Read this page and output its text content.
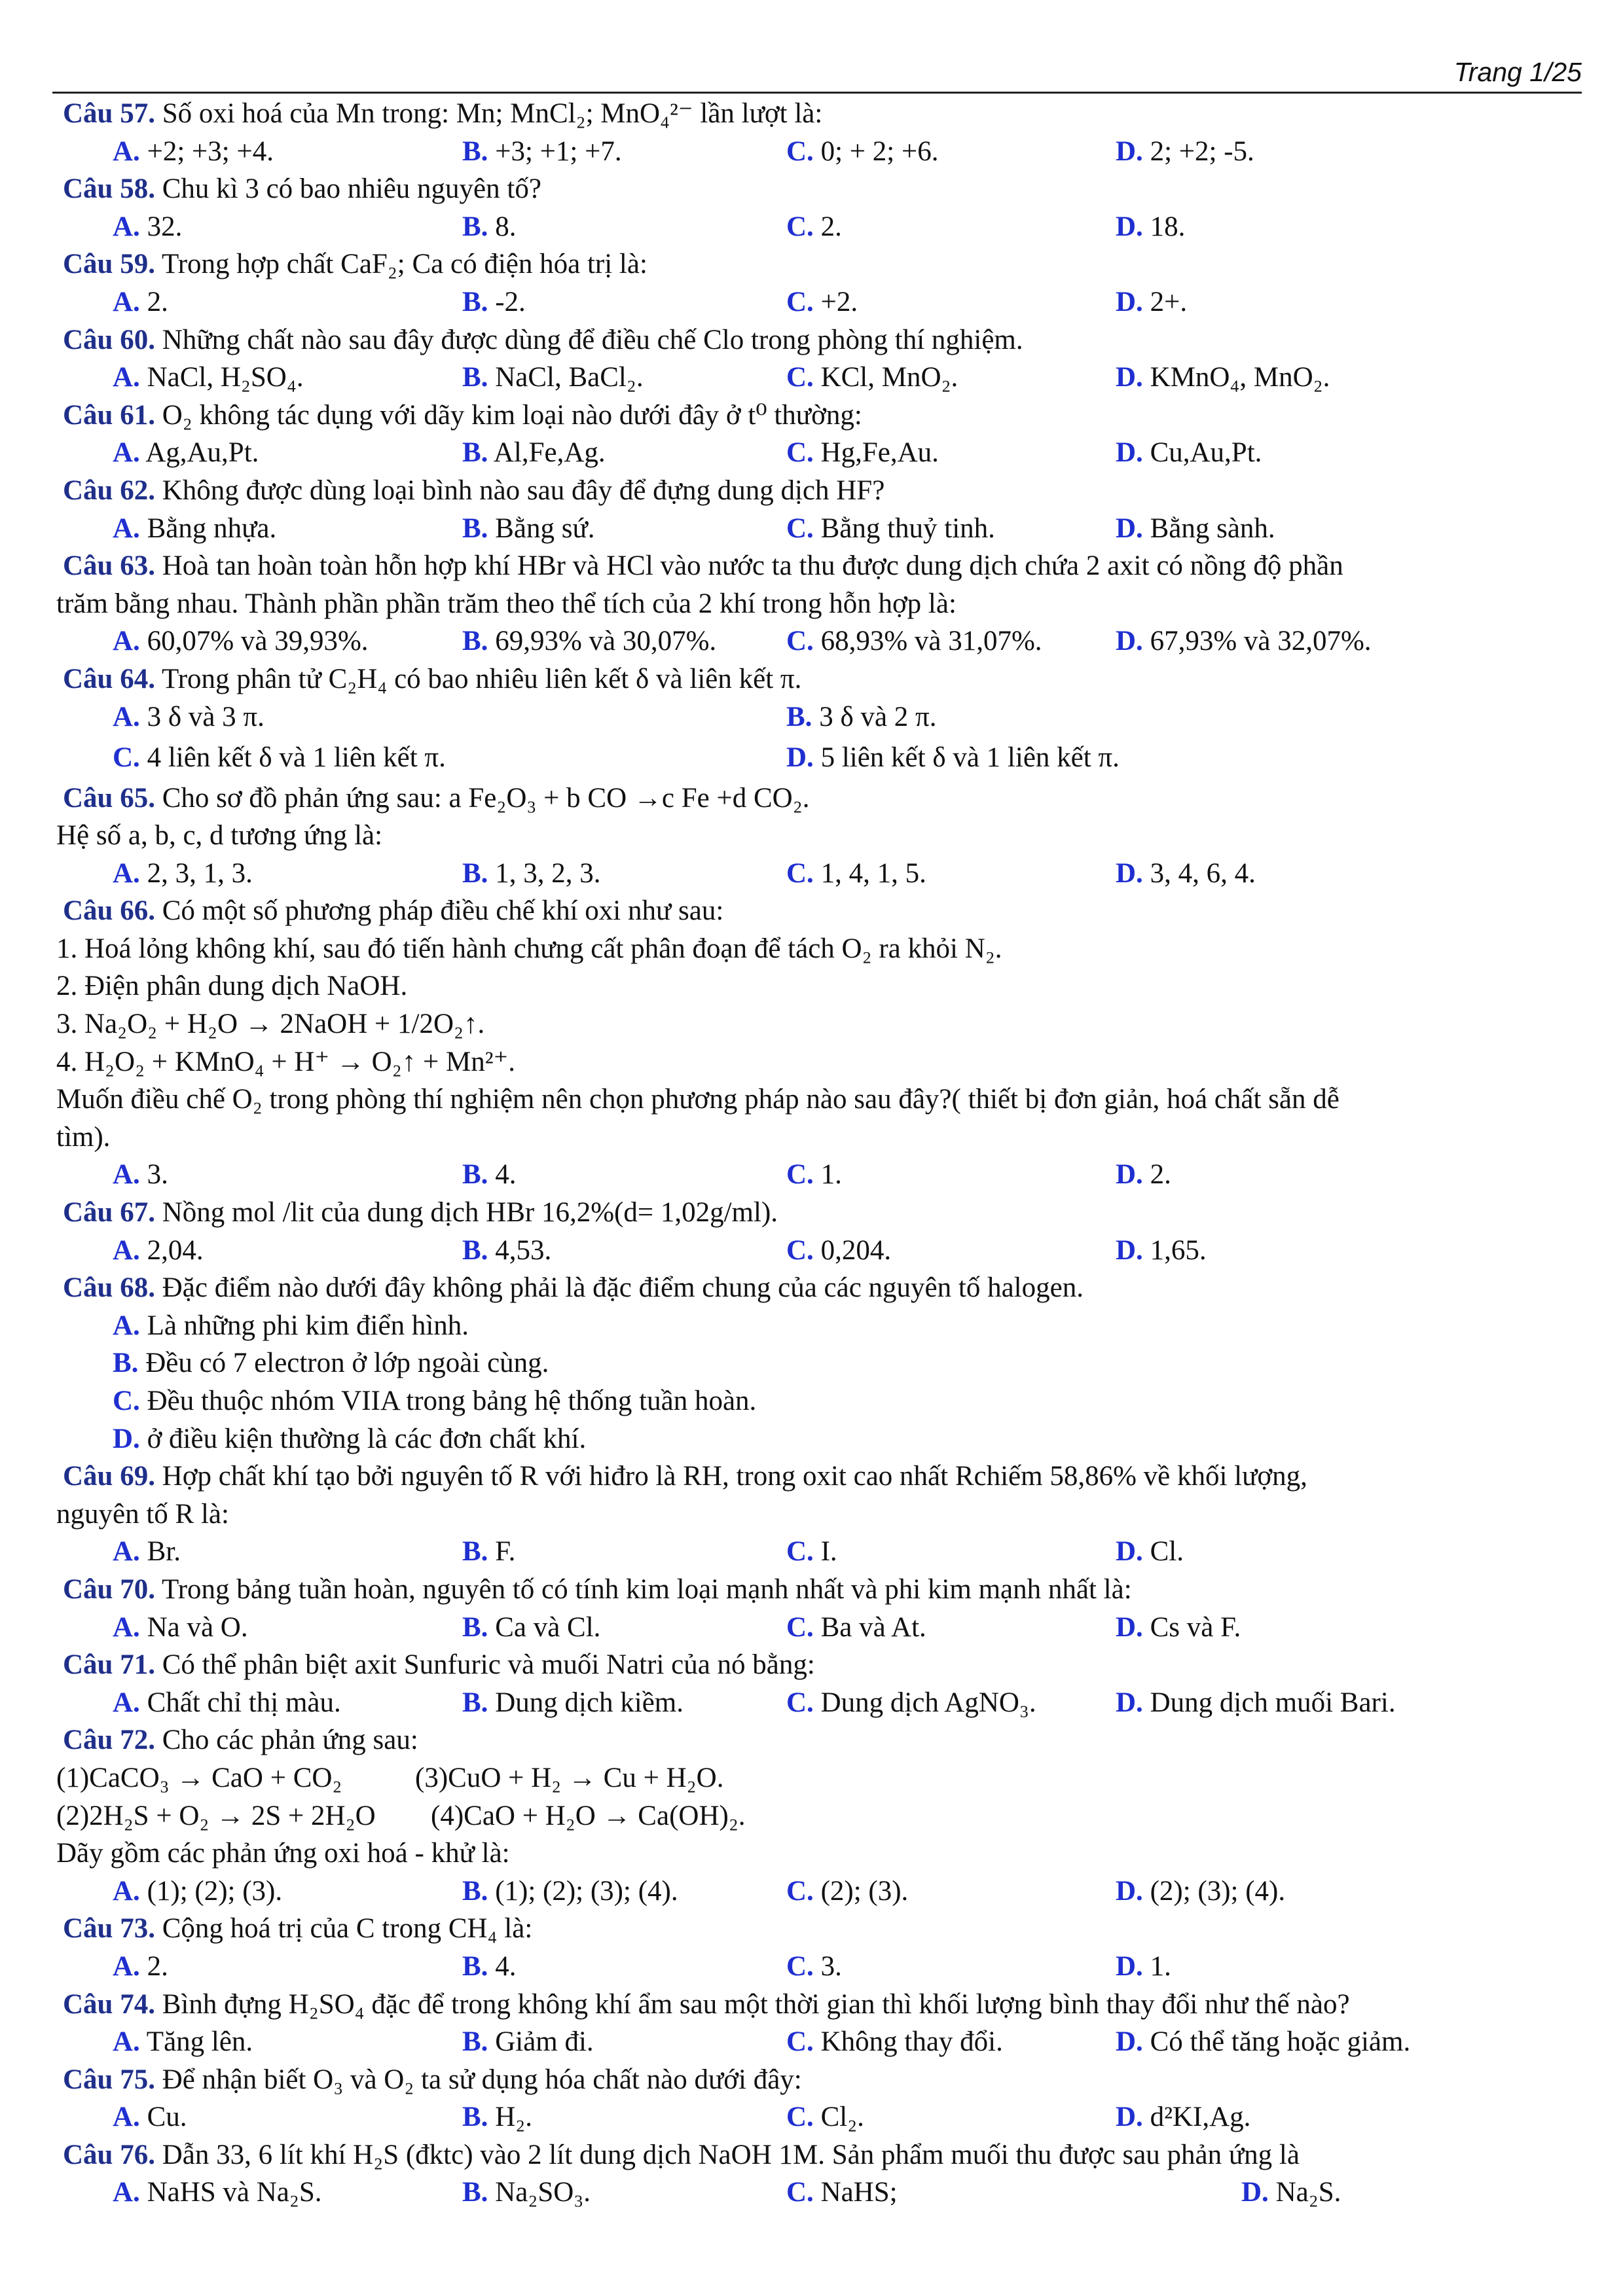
Trang 1/25
Câu 57. Số oxi hoá của Mn trong: Mn; MnCl₂; MnO₄²⁻ lần lượt là:
A. +2; +3; +4.	B. +3; +1; +7.	C. 0; + 2; +6.	D. 2; +2; -5.
Câu 58. Chu kì 3 có bao nhiêu nguyên tố?
A. 32.	B. 8.	C. 2.	D. 18.
Câu 59. Trong hợp chất CaF₂; Ca có điện hóa trị là:
A. 2.	B. -2.	C. +2.	D. 2+.
Câu 60. Những chất nào sau đây được dùng để điều chế Clo trong phòng thí nghiệm.
A. NaCl, H₂SO₄.	B. NaCl, BaCl₂.	C. KCl, MnO₂.	D. KMnO₄, MnO₂.
Câu 61. O₂ không tác dụng với dãy kim loại nào dưới đây ở t⁰ thường:
A. Ag,Au,Pt.	B. Al,Fe,Ag.	C. Hg,Fe,Au.	D. Cu,Au,Pt.
Câu 62. Không được dùng loại bình nào sau đây để đựng dung dịch HF?
A. Bằng nhựa.	B. Bằng sứ.	C. Bằng thuỷ tinh.	D. Bằng sành.
Câu 63. Hoà tan hoàn toàn hỗn hợp khí HBr và HCl vào nước ta thu được dung dịch chứa 2 axit có nồng độ phần
trăm bằng nhau. Thành phần phần trăm theo thể tích của 2 khí trong hỗn hợp là:
A. 60,07% và 39,93%.	B. 69,93% và 30,07%. C. 68,93% và 31,07%.	D. 67,93% và 32,07%.
Câu 64. Trong phân tử C₂H₄ có bao nhiêu liên kết δ và liên kết π.
A. 3 δ và 3 π.	B. 3 δ và 2 π.
C. 4 liên kết δ và 1 liên kết π.	D. 5 liên kết δ và 1 liên kết π.
Câu 65. Cho sơ đồ phản ứng sau: a Fe₂O₃ + b CO →c Fe +d CO₂.
Hệ số a, b, c, d tương ứng là:
A. 2, 3, 1, 3.	B. 1, 3, 2, 3.	C. 1, 4, 1, 5.	D. 3, 4, 6, 4.
Câu 66. Có một số phương pháp điều chế khí oxi như sau:
1. Hoá lỏng không khí, sau đó tiến hành chưng cất phân đoạn để tách O₂ ra khỏi N₂.
2. Điện phân dung dịch NaOH.
3. Na₂O₂ + H₂O → 2NaOH + 1/2O₂↑.
4. H₂O₂ + KMnO₄ + H⁺ → O₂↑ + Mn²⁺.
Muốn điều chế O₂ trong phòng thí nghiệm nên chọn phương pháp nào sau đây?( thiết bị đơn giản, hoá chất sẵn dễ
tìm).
A. 3.	B. 4.	C. 1.	D. 2.
Câu 67. Nồng mol /lit của dung dịch HBr 16,2%(d= 1,02g/ml).
A. 2,04.	B. 4,53.	C. 0,204.	D. 1,65.
Câu 68. Đặc điểm nào dưới đây không phải là đặc điểm chung của các nguyên tố halogen.
A. Là những phi kim điển hình.
B. Đều có 7 electron ở lớp ngoài cùng.
C. Đều thuộc nhóm VIIA trong bảng hệ thống tuần hoàn.
D. ở điều kiện thường là các đơn chất khí.
Câu 69. Hợp chất khí tạo bởi nguyên tố R với hiđro là RH, trong oxit cao nhất Rchiếm 58,86% về khối lượng,
nguyên tố R là:
A. Br.	B. F.	C. I.	D. Cl.
Câu 70. Trong bảng tuần hoàn, nguyên tố có tính kim loại mạnh nhất và phi kim mạnh nhất là:
A. Na và O.	B. Ca và Cl.	C. Ba và At.	D. Cs và F.
Câu 71. Có thể phân biệt axit Sunfuric và muối Natri của nó bằng:
A. Chất chỉ thị màu.	B. Dung dịch kiềm.	C. Dung dịch AgNO₃.	D. Dung dịch muối Bari.
Câu 72. Cho các phản ứng sau:
(1)CaCO₃ → CaO + CO₂	(3)CuO + H₂ → Cu + H₂O.
(2)2H₂S + O₂ → 2S + 2H₂O (4)CaO + H₂O → Ca(OH)₂.
Dãy gồm các phản ứng oxi hoá - khử là:
A. (1); (2); (3).	B. (1); (2); (3); (4).	C. (2); (3).	D. (2); (3); (4).
Câu 73. Cộng hoá trị của C trong CH₄ là:
A. 2.	B. 4.	C. 3.	D. 1.
Câu 74. Bình đựng H₂SO₄ đặc để trong không khí ẩm sau một thời gian thì khối lượng bình thay đổi như thế nào?
A. Tăng lên.	B. Giảm đi.	C. Không thay đổi.	D. Có thể tăng hoặc giảm.
Câu 75. Để nhận biết O₃ và O₂ ta sử dụng hóa chất nào dưới đây:
A. Cu.	B. H₂.	C. Cl₂.	D. d²KI,Ag.
Câu 76. Dẫn 33, 6 lít khí H₂S (đktc) vào 2 lít dung dịch NaOH 1M. Sản phẩm muối thu được sau phản ứng là
A. NaHS và Na₂S.	B. Na₂SO₃.	C. NaHS;	D. Na₂S.
